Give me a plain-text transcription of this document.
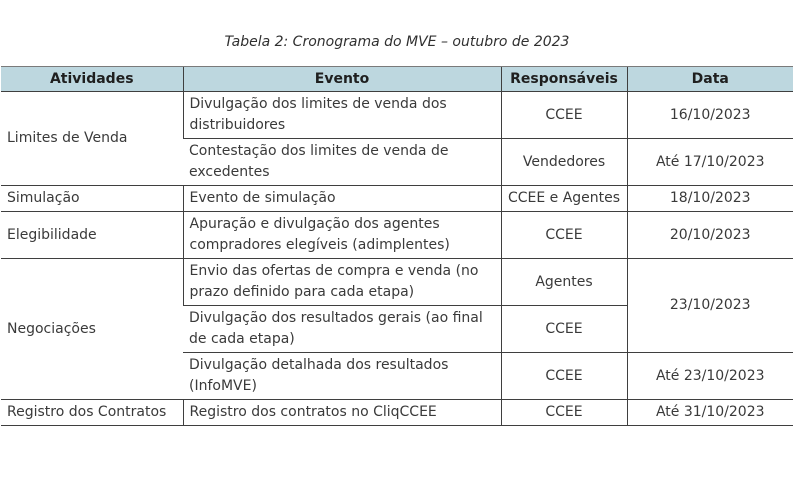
Tabela 2: Cronograma do MVE – outubro de 2023
Atividades	Evento	Responsáveis	Data
Limites de Venda	Divulgação dos limites de venda dos distribuidores	CCEE	16/10/2023
	Contestação dos limites de venda de excedentes	Vendedores	Até 17/10/2023
Simulação	Evento de simulação	CCEE e Agentes	18/10/2023
Elegibilidade	Apuração e divulgação dos agentes compradores elegíveis (adimplentes)	CCEE	20/10/2023
Negociações	Envio das ofertas de compra e venda (no prazo definido para cada etapa)	Agentes	23/10/2023
	Divulgação dos resultados gerais (ao final de cada etapa)	CCEE	
	Divulgação detalhada dos resultados (InfoMVE)	CCEE	Até 23/10/2023
Registro dos Contratos	Registro dos contratos no CliqCCEE	CCEE	Até 31/10/2023
